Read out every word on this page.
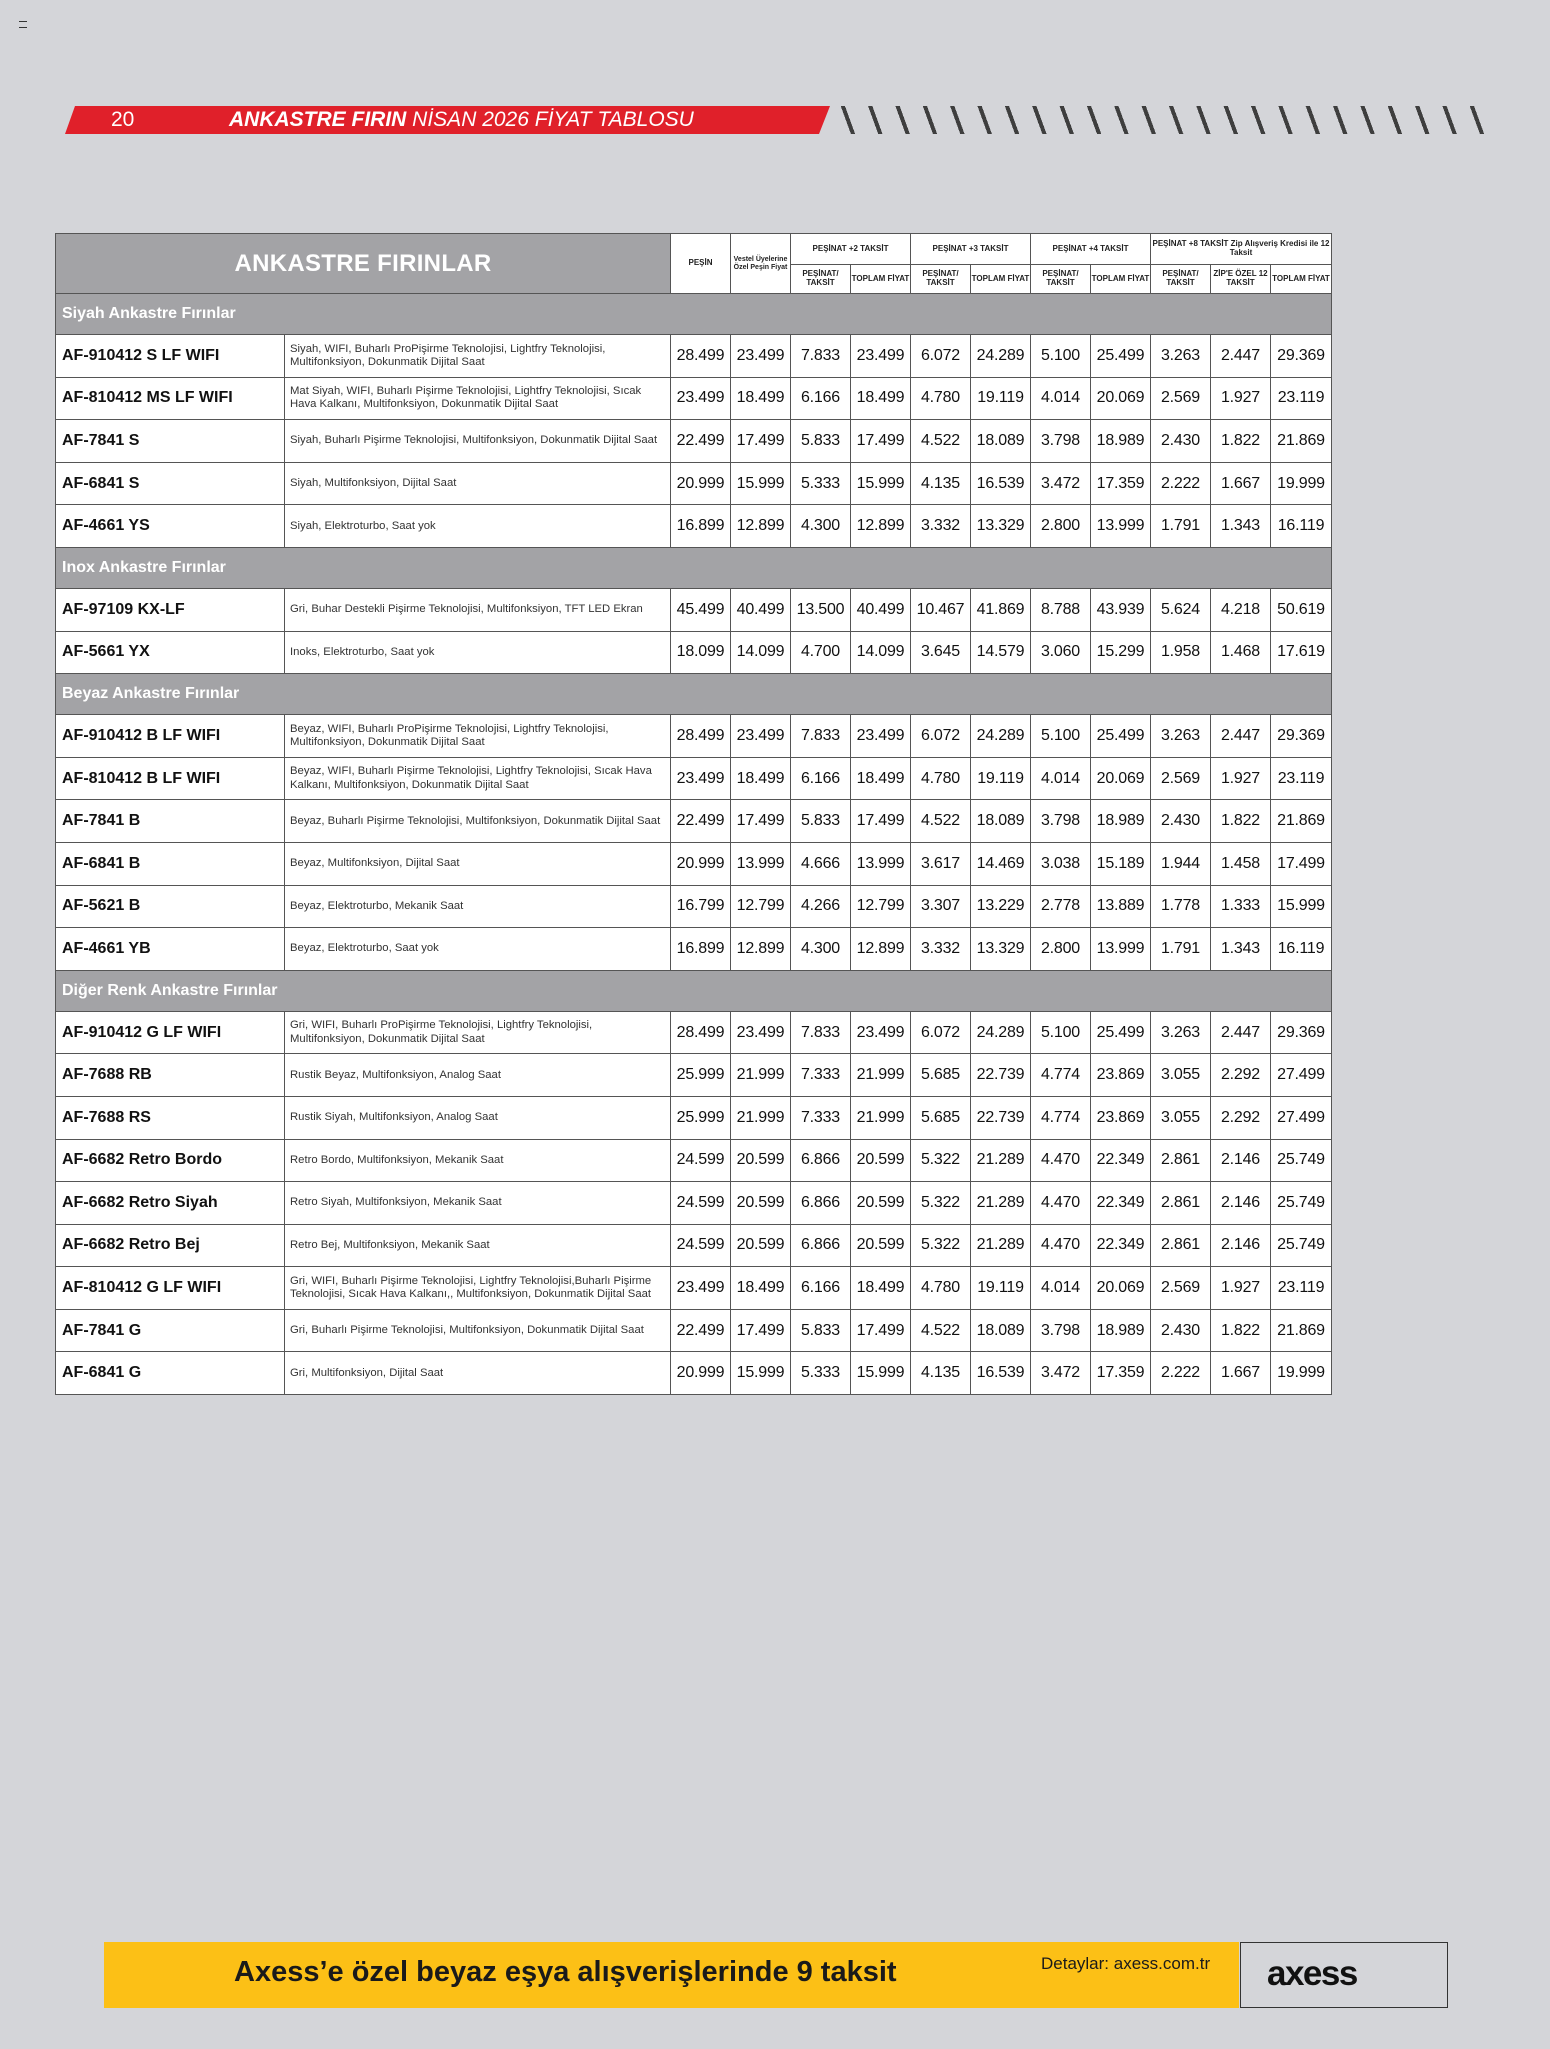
20	ANKASTRE FIRIN NİSAN 2026 FİYAT TABLOSU
ANKASTRE FIRINLAR		PEŞİN	Vestel Üyelerine Özel Peşin Fiyat	PEŞİNAT +2 TAKSİT		PEŞİNAT +3 TAKSİT		PEŞİNAT +4 TAKSİT		PEŞİNAT +8 TAKSİT Zip Alışveriş Kredisi ile 12 Taksit		
				PEŞİNAT/ TAKSİT	TOPLAM FİYAT	PEŞİNAT/ TAKSİT	TOPLAM FİYAT	PEŞİNAT/ TAKSİT	TOPLAM FİYAT	PEŞİNAT/ TAKSİT	ZİP'E ÖZEL 12 TAKSİT	TOPLAM FİYAT
Siyah Ankastre Fırınlar												
AF-910412 S LF WIFI	Siyah, WIFI, Buharlı ProPişirme Teknolojisi, Lightfry Teknolojisi, Multifonksiyon, Dokunmatik Dijital Saat	28.499	23.499	7.833	23.499	6.072	24.289	5.100	25.499	3.263	2.447	29.369
AF-810412 MS LF WIFI	Mat Siyah, WIFI, Buharlı Pişirme Teknolojisi, Lightfry Teknolojisi, Sıcak Hava Kalkanı, Multifonksiyon, Dokunmatik Dijital Saat	23.499	18.499	6.166	18.499	4.780	19.119	4.014	20.069	2.569	1.927	23.119
AF-7841 S	Siyah, Buharlı Pişirme Teknolojisi, Multifonksiyon, Dokunmatik Dijital Saat	22.499	17.499	5.833	17.499	4.522	18.089	3.798	18.989	2.430	1.822	21.869
AF-6841 S	Siyah, Multifonksiyon, Dijital Saat	20.999	15.999	5.333	15.999	4.135	16.539	3.472	17.359	2.222	1.667	19.999
AF-4661 YS	Siyah, Elektroturbo, Saat yok	16.899	12.899	4.300	12.899	3.332	13.329	2.800	13.999	1.791	1.343	16.119
Inox Ankastre Fırınlar												
AF-97109 KX-LF	Gri, Buhar Destekli Pişirme Teknolojisi, Multifonksiyon, TFT LED Ekran	45.499	40.499	13.500	40.499	10.467	41.869	8.788	43.939	5.624	4.218	50.619
AF-5661 YX	Inoks, Elektroturbo, Saat yok	18.099	14.099	4.700	14.099	3.645	14.579	3.060	15.299	1.958	1.468	17.619
Beyaz Ankastre Fırınlar												
AF-910412 B LF WIFI	Beyaz, WIFI, Buharlı ProPişirme Teknolojisi, Lightfry Teknolojisi, Multifonksiyon, Dokunmatik Dijital Saat	28.499	23.499	7.833	23.499	6.072	24.289	5.100	25.499	3.263	2.447	29.369
AF-810412 B LF WIFI	Beyaz, WIFI, Buharlı Pişirme Teknolojisi, Lightfry Teknolojisi, Sıcak Hava Kalkanı, Multifonksiyon, Dokunmatik Dijital Saat	23.499	18.499	6.166	18.499	4.780	19.119	4.014	20.069	2.569	1.927	23.119
AF-7841 B	Beyaz, Buharlı Pişirme Teknolojisi, Multifonksiyon, Dokunmatik Dijital Saat	22.499	17.499	5.833	17.499	4.522	18.089	3.798	18.989	2.430	1.822	21.869
AF-6841 B	Beyaz, Multifonksiyon, Dijital Saat	20.999	13.999	4.666	13.999	3.617	14.469	3.038	15.189	1.944	1.458	17.499
AF-5621 B	Beyaz, Elektroturbo, Mekanik Saat	16.799	12.799	4.266	12.799	3.307	13.229	2.778	13.889	1.778	1.333	15.999
AF-4661 YB	Beyaz, Elektroturbo, Saat yok	16.899	12.899	4.300	12.899	3.332	13.329	2.800	13.999	1.791	1.343	16.119
Diğer Renk Ankastre Fırınlar												
AF-910412 G LF WIFI	Gri, WIFI, Buharlı ProPişirme Teknolojisi, Lightfry Teknolojisi, Multifonksiyon, Dokunmatik Dijital Saat	28.499	23.499	7.833	23.499	6.072	24.289	5.100	25.499	3.263	2.447	29.369
AF-7688 RB	Rustik Beyaz, Multifonksiyon, Analog Saat	25.999	21.999	7.333	21.999	5.685	22.739	4.774	23.869	3.055	2.292	27.499
AF-7688 RS	Rustik Siyah, Multifonksiyon, Analog Saat	25.999	21.999	7.333	21.999	5.685	22.739	4.774	23.869	3.055	2.292	27.499
AF-6682 Retro Bordo	Retro Bordo, Multifonksiyon, Mekanik Saat	24.599	20.599	6.866	20.599	5.322	21.289	4.470	22.349	2.861	2.146	25.749
AF-6682 Retro Siyah	Retro Siyah, Multifonksiyon, Mekanik Saat	24.599	20.599	6.866	20.599	5.322	21.289	4.470	22.349	2.861	2.146	25.749
AF-6682 Retro Bej	Retro Bej, Multifonksiyon, Mekanik Saat	24.599	20.599	6.866	20.599	5.322	21.289	4.470	22.349	2.861	2.146	25.749
AF-810412 G LF WIFI	Gri, WIFI, Buharlı Pişirme Teknolojisi, Lightfry Teknolojisi,Buharlı Pişirme Teknolojisi, Sıcak Hava Kalkanı,, Multifonksiyon, Dokunmatik Dijital Saat	23.499	18.499	6.166	18.499	4.780	19.119	4.014	20.069	2.569	1.927	23.119
AF-7841 G	Gri, Buharlı Pişirme Teknolojisi, Multifonksiyon, Dokunmatik Dijital Saat	22.499	17.499	5.833	17.499	4.522	18.089	3.798	18.989	2.430	1.822	21.869
AF-6841 G	Gri, Multifonksiyon, Dijital Saat	20.999	15.999	5.333	15.999	4.135	16.539	3.472	17.359	2.222	1.667	19.999
Axess’e özel beyaz eşya alışverişlerinde 9 taksit	Detaylar: axess.com.tr axess
